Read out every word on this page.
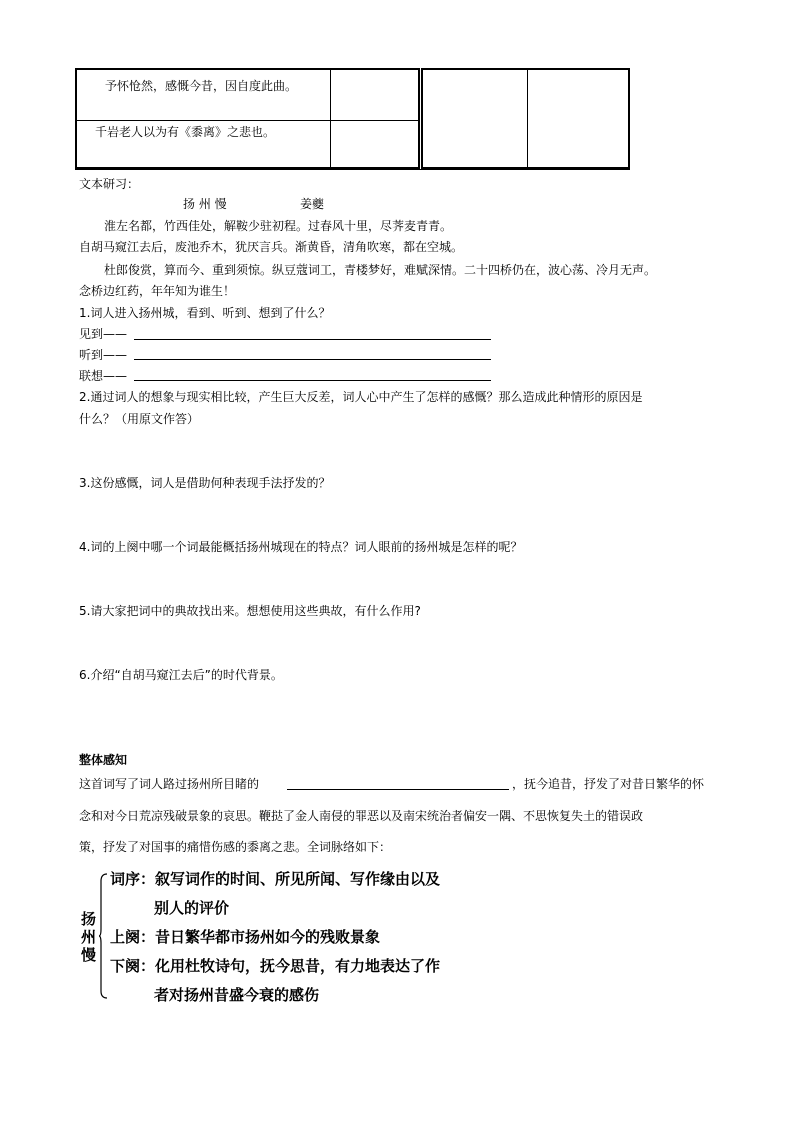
予怀怆然，感慨今昔，因自度此曲。
千岩老人以为有《黍离》之悲也。
文本研习：
扬 州 慢	姜夔
淮左名都，竹西佳处，解鞍少驻初程。过春风十里，尽荠麦青青。
自胡马窥江去后，废池乔木，犹厌言兵。渐黄昏，清角吹寒，都在空城。
杜郎俊赏，算而今、重到须惊。纵豆蔻词工，青楼梦好，难赋深情。二十四桥仍在，波心荡、冷月无声。
念桥边红药，年年知为谁生！
1.词人进入扬州城，看到、听到、想到了什么？
见到——
听到——
联想——
2.通过词人的想象与现实相比较，产生巨大反差，词人心中产生了怎样的感慨？那么造成此种情形的原因是
什么？（用原文作答）
3.这份感慨，词人是借助何种表现手法抒发的？
4.词的上阕中哪一个词最能概括扬州城现在的特点？词人眼前的扬州城是怎样的呢？
5.请大家把词中的典故找出来。想想使用这些典故，有什么作用?
6.介绍“自胡马窥江去后”的时代背景。
整体感知
这首词写了词人路过扬州所目睹的	，抚今追昔，抒发了对昔日繁华的怀
念和对今日荒凉残破景象的哀思。鞭挞了金人南侵的罪恶以及南宋统治者偏安一隅、不思恢复失土的错误政
策，抒发了对国事的痛惜伤感的黍离之悲。全词脉络如下：
扬
州
慢
词序：叙写词作的时间、所见所闻、写作缘由以及
别人的评价
上阕：昔日繁华都市扬州如今的残败景象
下阕：化用杜牧诗句，抚今思昔，有力地表达了作
者对扬州昔盛今衰的感伤
